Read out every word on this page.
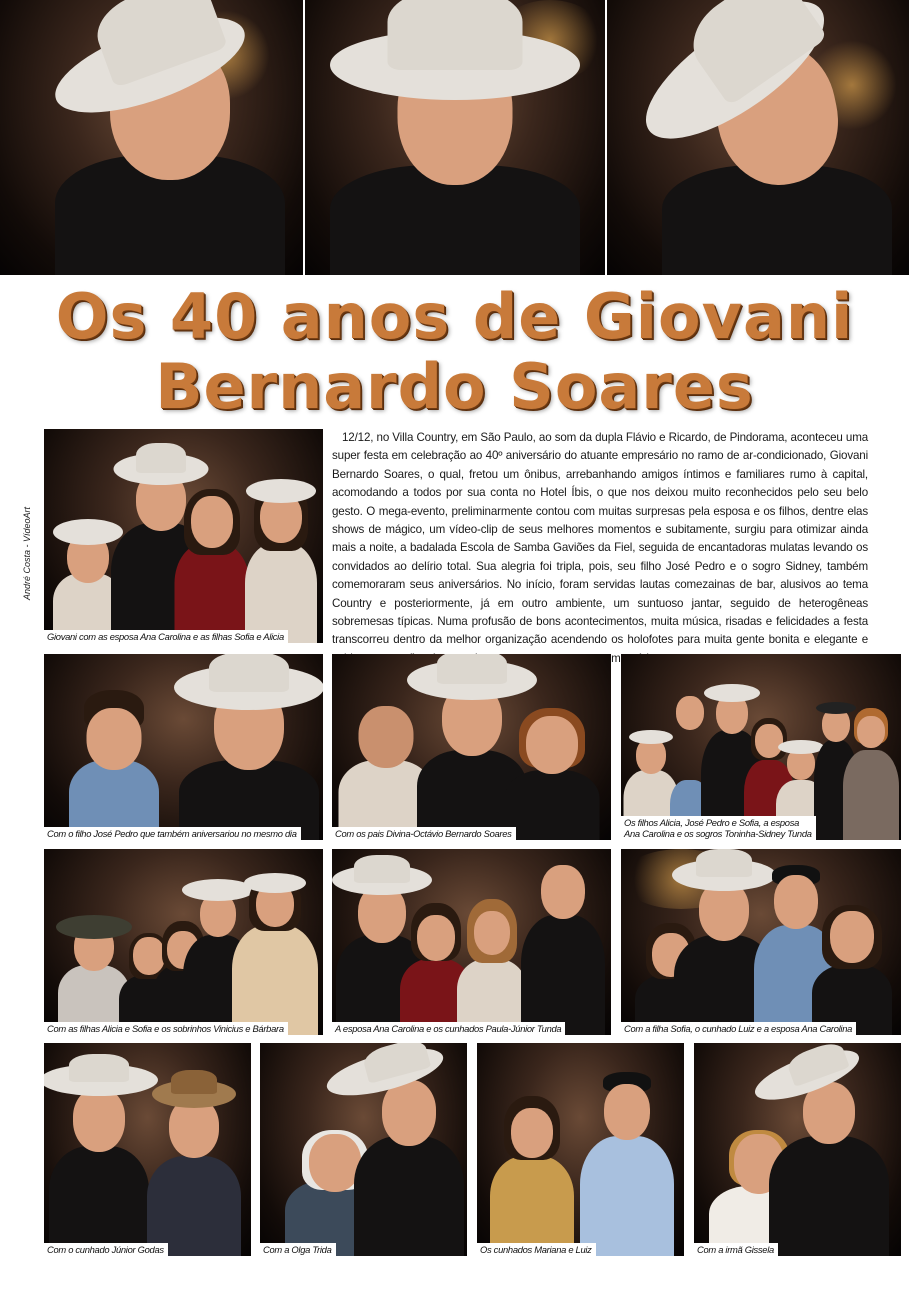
Os 40 anos de Giovani
Bernardo Soares
André Costa - VídeoArt
Giovani com as esposa Ana Carolina e as filhas Sofia e Alicia
12/12, no Villa Country, em São Paulo, ao som da dupla Flávio e Ricardo, de Pindorama, aconteceu uma super festa em celebração ao 40º aniversário do atuante empresário no ramo de ar-condicionado, Giovani Bernardo Soares, o qual, fretou um ônibus, arrebanhando amigos íntimos e familiares rumo à capital, acomodando a todos por sua conta no Hotel Íbis, o que nos deixou muito reconhecidos pelo seu belo gesto. O mega-evento, preliminarmente contou com muitas surpresas pela esposa e os filhos, dentre elas shows de mágico, um vídeo-clip de seus melhores momentos e subitamente, surgiu para otimizar ainda mais a noite, a badalada Escola de Samba Gaviões da Fiel, seguida de encantadoras mulatas levando os convidados ao delírio total. Sua alegria foi tripla, pois, seu filho José Pedro e o sogro Sidney, também comemoraram seus aniversários. No início, foram servidas lautas comezainas de bar, alusivos ao tema Country e posteriormente, já em outro ambiente, um suntuoso jantar, seguido de heterogêneas sobremesas típicas. Numa profusão de bons acontecimentos, muita música, risadas e felicidades a festa transcorreu dentro da melhor organização acendendo os holofotes para muita gente bonita e elegante e
Com o filho José Pedro que também aniversariou no mesmo dia	Com os pais Divina-Octávio Bernardo Soares
Os filhos Alicia, José Pedro e Sofia, a esposa
Ana Carolina e os sogros Toninha-Sidney Tunda
Com as filhas Alicia e Sofia e os sobrinhos Vinicius e Bárbara	A esposa Ana Carolina e os cunhados Paula-Júnior Tunda	Com a filha Sofia, o cunhado Luiz e a esposa Ana Carolina
Com o cunhado Júnior Godas	Com a Olga Trida	Os cunhados Mariana e Luiz	Com a irmã Gissela
